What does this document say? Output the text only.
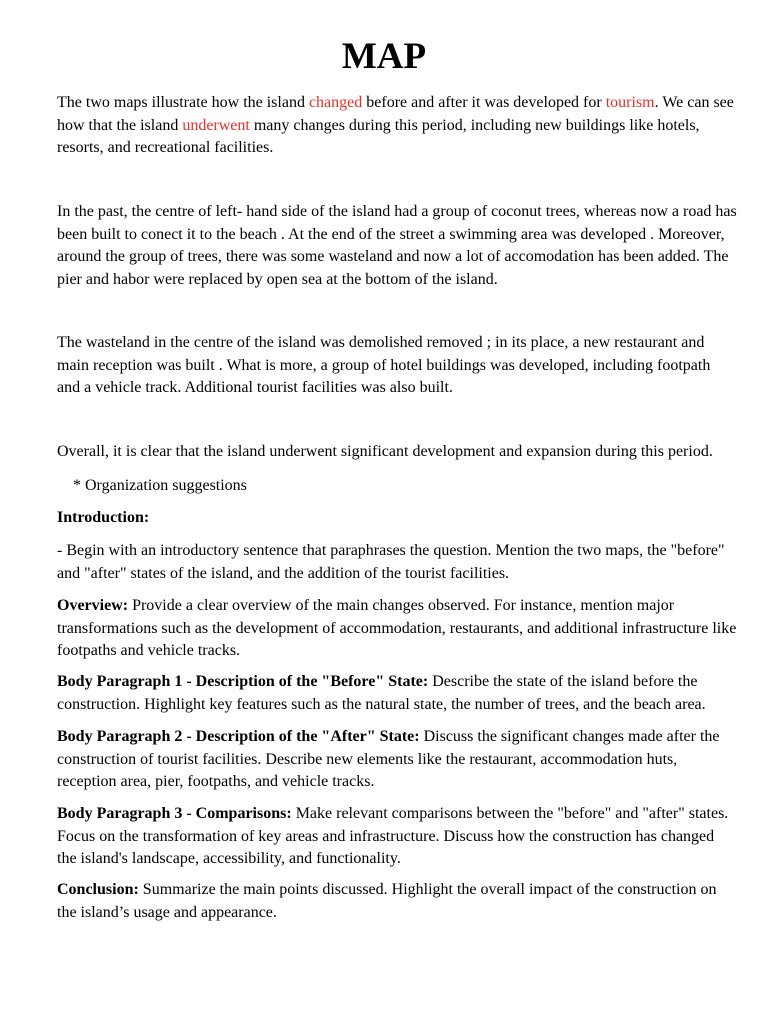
MAP

The two maps illustrate how the island changed before and after it was developed for tourism. We can see how that the island underwent many changes during this period, including new buildings like hotels, resorts, and recreational facilities.

In the past, the centre of left- hand side of the island had a group of coconut trees, whereas now a road has been built to conect it to the beach . At the end of the street a swimming area was developed . Moreover, around the group of trees, there was some wasteland and now a lot of accomodation has been added. The pier and habor were replaced by open sea at the bottom of the island.

The wasteland in the centre of the island was demolished removed ; in its place, a new restaurant and main reception was built . What is more, a group of hotel buildings was developed, including footpath and a vehicle track. Additional tourist facilities was also built.

Overall, it is clear that the island underwent significant development and expansion during this period.

* Organization suggestions

Introduction:

- Begin with an introductory sentence that paraphrases the question. Mention the two maps, the "before" and "after" states of the island, and the addition of the tourist facilities.

Overview: Provide a clear overview of the main changes observed. For instance, mention major transformations such as the development of accommodation, restaurants, and additional infrastructure like footpaths and vehicle tracks.

Body Paragraph 1 - Description of the "Before" State: Describe the state of the island before the construction. Highlight key features such as the natural state, the number of trees, and the beach area.

Body Paragraph 2 - Description of the "After" State: Discuss the significant changes made after the construction of tourist facilities. Describe new elements like the restaurant, accommodation huts, reception area, pier, footpaths, and vehicle tracks.

Body Paragraph 3 - Comparisons: Make relevant comparisons between the "before" and "after" states. Focus on the transformation of key areas and infrastructure. Discuss how the construction has changed the island's landscape, accessibility, and functionality.

Conclusion: Summarize the main points discussed. Highlight the overall impact of the construction on the island’s usage and appearance.
